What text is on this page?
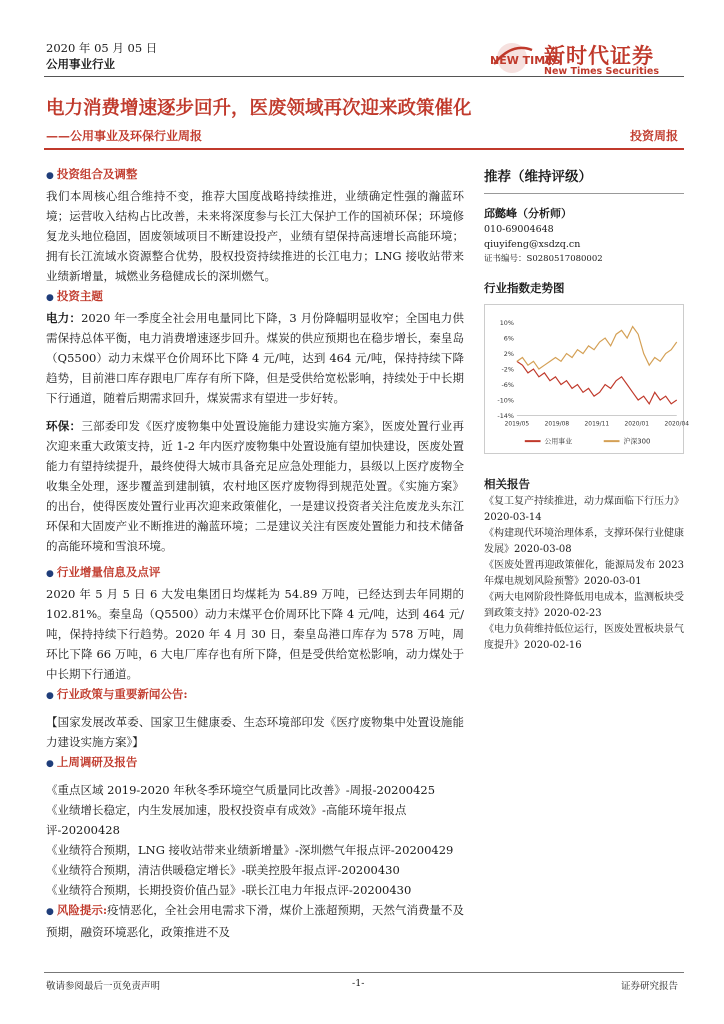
2020 年 05 月 05 日
公用事业行业	NEW TIMES
新时代证券
New Times Securities
电力消费增速逐步回升，医废领域再次迎来政策催化
——公用事业及环保行业周报	投资周报
● 投资组合及调整
我们本周核心组合维持不变，推荐大国度战略持续推进，业绩确定性强的瀚蓝环境；运营收入结构占比改善，未来将深度参与长江大保护工作的国祯环保；环境修复龙头地位稳固，固废领域项目不断建设投产，业绩有望保持高速增长高能环境；拥有长江流域水资源整合优势，股权投资持续推进的长江电力；LNG 接收站带来业绩新增量，城燃业务稳健成长的深圳燃气。
● 投资主题
电力：2020 年一季度全社会用电量同比下降，3 月份降幅明显收窄；全国电力供需保持总体平衡，电力消费增速逐步回升。煤炭的供应预期也在稳步增长，秦皇岛（Q5500）动力末煤平仓价周环比下降 4 元/吨，达到 464 元/吨，保持持续下降趋势，目前港口库存跟电厂库存有所下降，但是受供给宽松影响，持续处于中长期下行通道，随着后期需求回升，煤炭需求有望进一步好转。
环保：三部委印发《医疗废物集中处置设施能力建设实施方案》，医废处置行业再次迎来重大政策支持，近 1-2 年内医疗废物集中处置设施有望加快建设，医废处置能力有望持续提升，最终使得大城市具备充足应急处理能力，县级以上医疗废物全收集全处理，逐步覆盖到建制镇，农村地区医疗废物得到规范处置。《实施方案》的出台，使得医废处置行业再次迎来政策催化，一是建议投资者关注危废龙头东江环保和大固废产业不断推进的瀚蓝环境；二是建议关注有医废处置能力和技术储备的高能环境和雪浪环境。
● 行业增量信息及点评
2020 年 5 月 5 日 6 大发电集团日均煤耗为 54.89 万吨，已经达到去年同期的 102.81%。秦皇岛（Q5500）动力末煤平仓价周环比下降 4 元/吨，达到 464 元/吨，保持持续下行趋势。2020 年 4 月 30 日，秦皇岛港口库存为 578 万吨，周环比下降 66 万吨，6 大电厂库存也有所下降，但是受供给宽松影响，动力煤处于中长期下行通道。
● 行业政策与重要新闻公告:
【国家发展改革委、国家卫生健康委、生态环境部印发《医疗废物集中处置设施能力建设实施方案》】
● 上周调研及报告
《重点区域 2019-2020 年秋冬季环境空气质量同比改善》-周报-20200425
《业绩增长稳定，内生发展加速，股权投资卓有成效》-高能环境年报点评-20200428
《业绩符合预期，LNG 接收站带来业绩新增量》-深圳燃气年报点评-20200429
《业绩符合预期，清洁供暖稳定增长》-联美控股年报点评-20200430
《业绩符合预期，长期投资价值凸显》-联长江电力年报点评-20200430
● 风险提示:疫情恶化，全社会用电需求下滑，煤价上涨超预期，天然气消费量不及预期，融资环境恶化，政策推进不及
推荐（维持评级）
邱懿峰（分析师）
010-69004648
qiuyifeng@xsdzq.cn
证书编号：S0280517080002
行业指数走势图
10%
6%
2%
-2%
-6%
-10%
-14%
2019/05	2019/08	2019/11	2020/01	2020/04
公用事业	沪深300
相关报告
《复工复产持续推进，动力煤面临下行压力》2020-03-14
《构建现代环境治理体系，支撑环保行业健康发展》2020-03-08
《医废处置再迎政策催化，能源局发布 2023 年煤电规划风险预警》2020-03-01
《两大电网阶段性降低用电成本，监测板块受到政策支持》2020-02-23
《电力负荷维持低位运行，医废处置板块景气度提升》2020-02-16
敬请参阅最后一页免责声明	-1-	证券研究报告
